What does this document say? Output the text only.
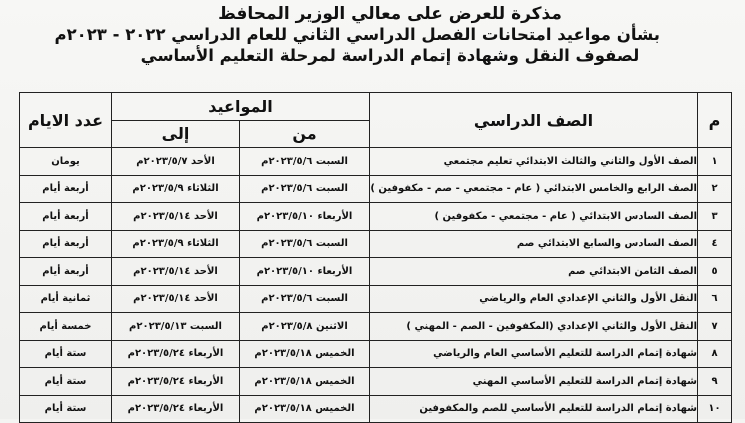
مذكرة للعرض على معالي الوزير المحافظ
بشأن مواعيد امتحانات الفصل الدراسي الثاني للعام الدراسي ٢٠٢٢ - ٢٠٢٣م
لصفوف النقل وشهادة إتمام الدراسة لمرحلة التعليم الأساسي
م	الصف الدراسي	المواعيد		عدد الايام
		من	إلى	
١	الصف الأول والثاني والثالث الابتدائي تعليم مجتمعي	السبت ٢٠٢٣/٥/٦م	الأحد ٢٠٢٣/٥/٧م	يومان
٢	الصف الرابع والخامس الابتدائي ( عام - مجتمعي - صم - مكفوفين )	السبت ٢٠٢٣/٥/٦م	الثلاثاء ٢٠٢٣/٥/٩م	أربعة أيام
٣	الصف السادس الابتدائي ( عام - مجتمعي - مكفوفين )	الأربعاء ٢٠٢٣/٥/١٠م	الأحد ٢٠٢٣/٥/١٤م	أربعة أيام
٤	الصف السادس والسابع الابتدائي صم	السبت ٢٠٢٣/٥/٦م	الثلاثاء ٢٠٢٣/٥/٩م	أربعة أيام
٥	الصف الثامن الابتدائي صم	الأربعاء ٢٠٢٣/٥/١٠م	الأحد ٢٠٢٣/٥/١٤م	أربعة أيام
٦	النقل الأول والثاني الإعدادي العام والرياضي	السبت ٢٠٢٣/٥/٦م	الأحد ٢٠٢٣/٥/١٤م	ثمانية أيام
٧	النقل الأول والثاني الإعدادي (المكفوفين - الصم - المهني )	الاثنين ٢٠٢٣/٥/٨م	السبت ٢٠٢٣/٥/١٣م	خمسة أيام
٨	شهادة إتمام الدراسة للتعليم الأساسي العام والرياضي	الخميس ٢٠٢٣/٥/١٨م	الأربعاء ٢٠٢٣/٥/٢٤م	ستة أيام
٩	شهادة إتمام الدراسة للتعليم الأساسي المهني	الخميس ٢٠٢٣/٥/١٨م	الأربعاء ٢٠٢٣/٥/٢٤م	ستة أيام
١٠	شهادة إتمام الدراسة للتعليم الأساسي للصم والمكفوفين	الخميس ٢٠٢٣/٥/١٨م	الأربعاء ٢٠٢٣/٥/٢٤م	ستة أيام
